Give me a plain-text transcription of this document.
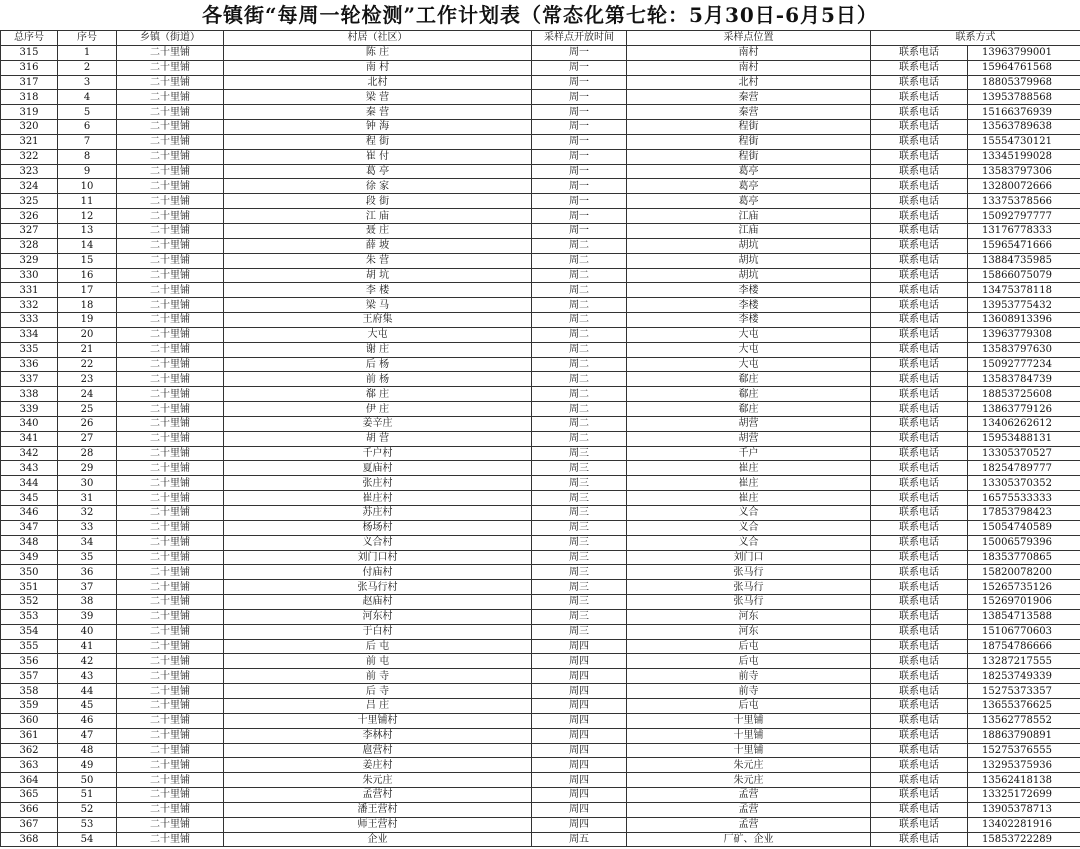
各镇街“每周一轮检测”工作计划表（常态化第七轮：5月30日-6月5日）
总序号	序号	乡镇（街道）	村居（社区）	采样点开放时间	采样点位置	联系方式	
315	1	二十里铺	陈 庄	周一	南村	联系电话	13963799001
316	2	二十里铺	南 村	周一	南村	联系电话	15964761568
317	3	二十里铺	北村	周一	北村	联系电话	18805379968
318	4	二十里铺	梁 营	周一	秦营	联系电话	13953788568
319	5	二十里铺	秦 营	周一	秦营	联系电话	15166376939
320	6	二十里铺	钟 海	周一	程街	联系电话	13563789638
321	7	二十里铺	程 街	周一	程街	联系电话	15554730121
322	8	二十里铺	崔 付	周一	程街	联系电话	13345199028
323	9	二十里铺	葛 亭	周一	葛亭	联系电话	13583797306
324	10	二十里铺	徐 家	周一	葛亭	联系电话	13280072666
325	11	二十里铺	段 街	周一	葛亭	联系电话	13375378566
326	12	二十里铺	江 庙	周一	江庙	联系电话	15092797777
327	13	二十里铺	聂 庄	周一	江庙	联系电话	13176778333
328	14	二十里铺	薛 坡	周二	胡坑	联系电话	15965471666
329	15	二十里铺	朱 营	周二	胡坑	联系电话	13884735985
330	16	二十里铺	胡 坑	周二	胡坑	联系电话	15866075079
331	17	二十里铺	李 楼	周二	李楼	联系电话	13475378118
332	18	二十里铺	梁 马	周二	李楼	联系电话	13953775432
333	19	二十里铺	王府集	周二	李楼	联系电话	13608913396
334	20	二十里铺	大屯	周二	大屯	联系电话	13963779308
335	21	二十里铺	谢 庄	周二	大屯	联系电话	13583797630
336	22	二十里铺	后 杨	周二	大屯	联系电话	15092777234
337	23	二十里铺	前 杨	周二	郗庄	联系电话	13583784739
338	24	二十里铺	郗 庄	周二	郗庄	联系电话	18853725608
339	25	二十里铺	伊 庄	周二	郗庄	联系电话	13863779126
340	26	二十里铺	姜辛庄	周二	胡营	联系电话	13406262612
341	27	二十里铺	胡 营	周二	胡营	联系电话	15953488131
342	28	二十里铺	千户村	周三	千户	联系电话	13305370527
343	29	二十里铺	夏庙村	周三	崔庄	联系电话	18254789777
344	30	二十里铺	张庄村	周三	崔庄	联系电话	13305370352
345	31	二十里铺	崔庄村	周三	崔庄	联系电话	16575533333
346	32	二十里铺	苏庄村	周三	义合	联系电话	17853798423
347	33	二十里铺	杨场村	周三	义合	联系电话	15054740589
348	34	二十里铺	义合村	周三	义合	联系电话	15006579396
349	35	二十里铺	刘门口村	周三	刘门口	联系电话	18353770865
350	36	二十里铺	付庙村	周三	张马行	联系电话	15820078200
351	37	二十里铺	张马行村	周三	张马行	联系电话	15265735126
352	38	二十里铺	赵庙村	周三	张马行	联系电话	15269701906
353	39	二十里铺	河东村	周三	河东	联系电话	13854713588
354	40	二十里铺	于白村	周三	河东	联系电话	15106770603
355	41	二十里铺	后 屯	周四	后屯	联系电话	18754786666
356	42	二十里铺	前 屯	周四	后屯	联系电话	13287217555
357	43	二十里铺	前 寺	周四	前寺	联系电话	18253749339
358	44	二十里铺	后 寺	周四	前寺	联系电话	15275373357
359	45	二十里铺	吕 庄	周四	后屯	联系电话	13655376625
360	46	二十里铺	十里铺村	周四	十里铺	联系电话	13562778552
361	47	二十里铺	李林村	周四	十里铺	联系电话	18863790891
362	48	二十里铺	扈营村	周四	十里铺	联系电话	15275376555
363	49	二十里铺	姜庄村	周四	朱元庄	联系电话	13295375936
364	50	二十里铺	朱元庄	周四	朱元庄	联系电话	13562418138
365	51	二十里铺	孟营村	周四	孟营	联系电话	13325172699
366	52	二十里铺	潘王营村	周四	孟营	联系电话	13905378713
367	53	二十里铺	师王营村	周四	孟营	联系电话	13402281916
368	54	二十里铺	企业	周五	厂矿、企业	联系电话	15853722289
